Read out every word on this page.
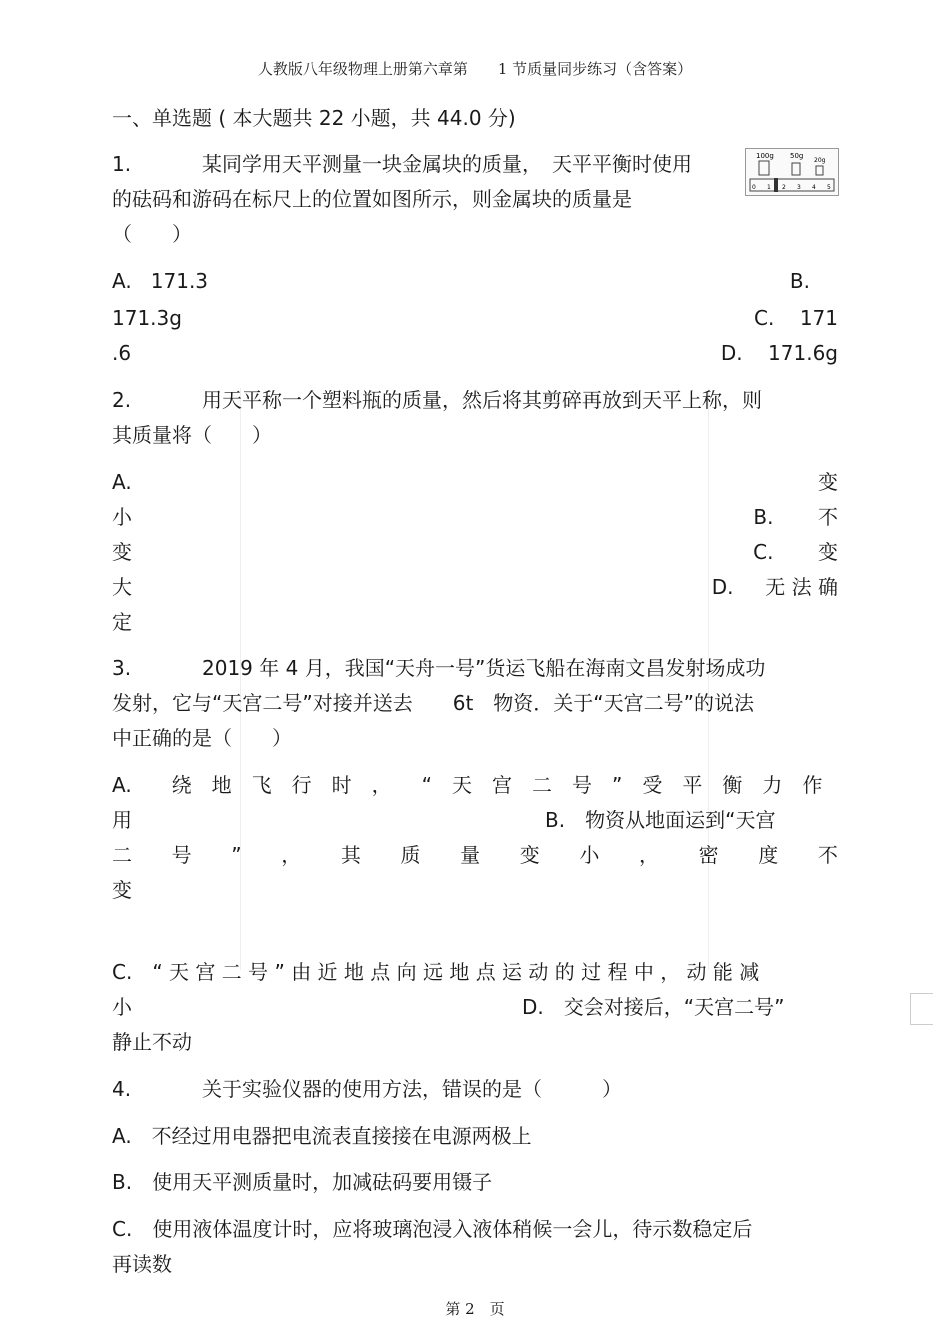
人教版八年级物理上册第六章第　　1 节质量同步练习（含答案）
一、单选题 ( 本大题共 22 小题，共 44.0 分)
1.	某同学用天平测量一块金属块的质量，　天平平衡时使用
的砝码和游码在标尺上的位置如图所示，则金属块的质量是
（　　）
100g 50g
20g
0 1 2 3 4 5
A. 171.3	B.
171.3g	C. 171
.6	D. 171.6g
2.	用天平称一个塑料瓶的质量，然后将其剪碎再放到天平上称，则
其质量将（　　）
A.	变
小	B. 不
变	C. 变
大	D. 无 法 确
定
3.	2019 年 4 月，我国“天舟一号”货运飞船在海南文昌发射场成功
发射，它与“天宫二号”对接并送去　　6t　物资．关于“天宫二号”的说法
中正确的是（　　）
A.　　绕　地　飞　行　时　，　　“　天　宫　二　号　”　受　平　衡　力　作
用	B.　物资从地面运到“天宫
二 号 ” ， 其 质 量 变 小 ， 密 度 不
变
C.　“ 天 宫 二 号 ” 由 近 地 点 向 远 地 点 运 动 的 过 程 中 ， 动 能 减
小	D.　交会对接后，“天宫二号”
静止不动
4.	关于实验仪器的使用方法，错误的是（　　　）
A.　不经过用电器把电流表直接接在电源两极上
B.　使用天平测质量时，加减砝码要用镊子
C.　使用液体温度计时，应将玻璃泡浸入液体稍候一会儿，待示数稳定后
再读数
第 2　页
